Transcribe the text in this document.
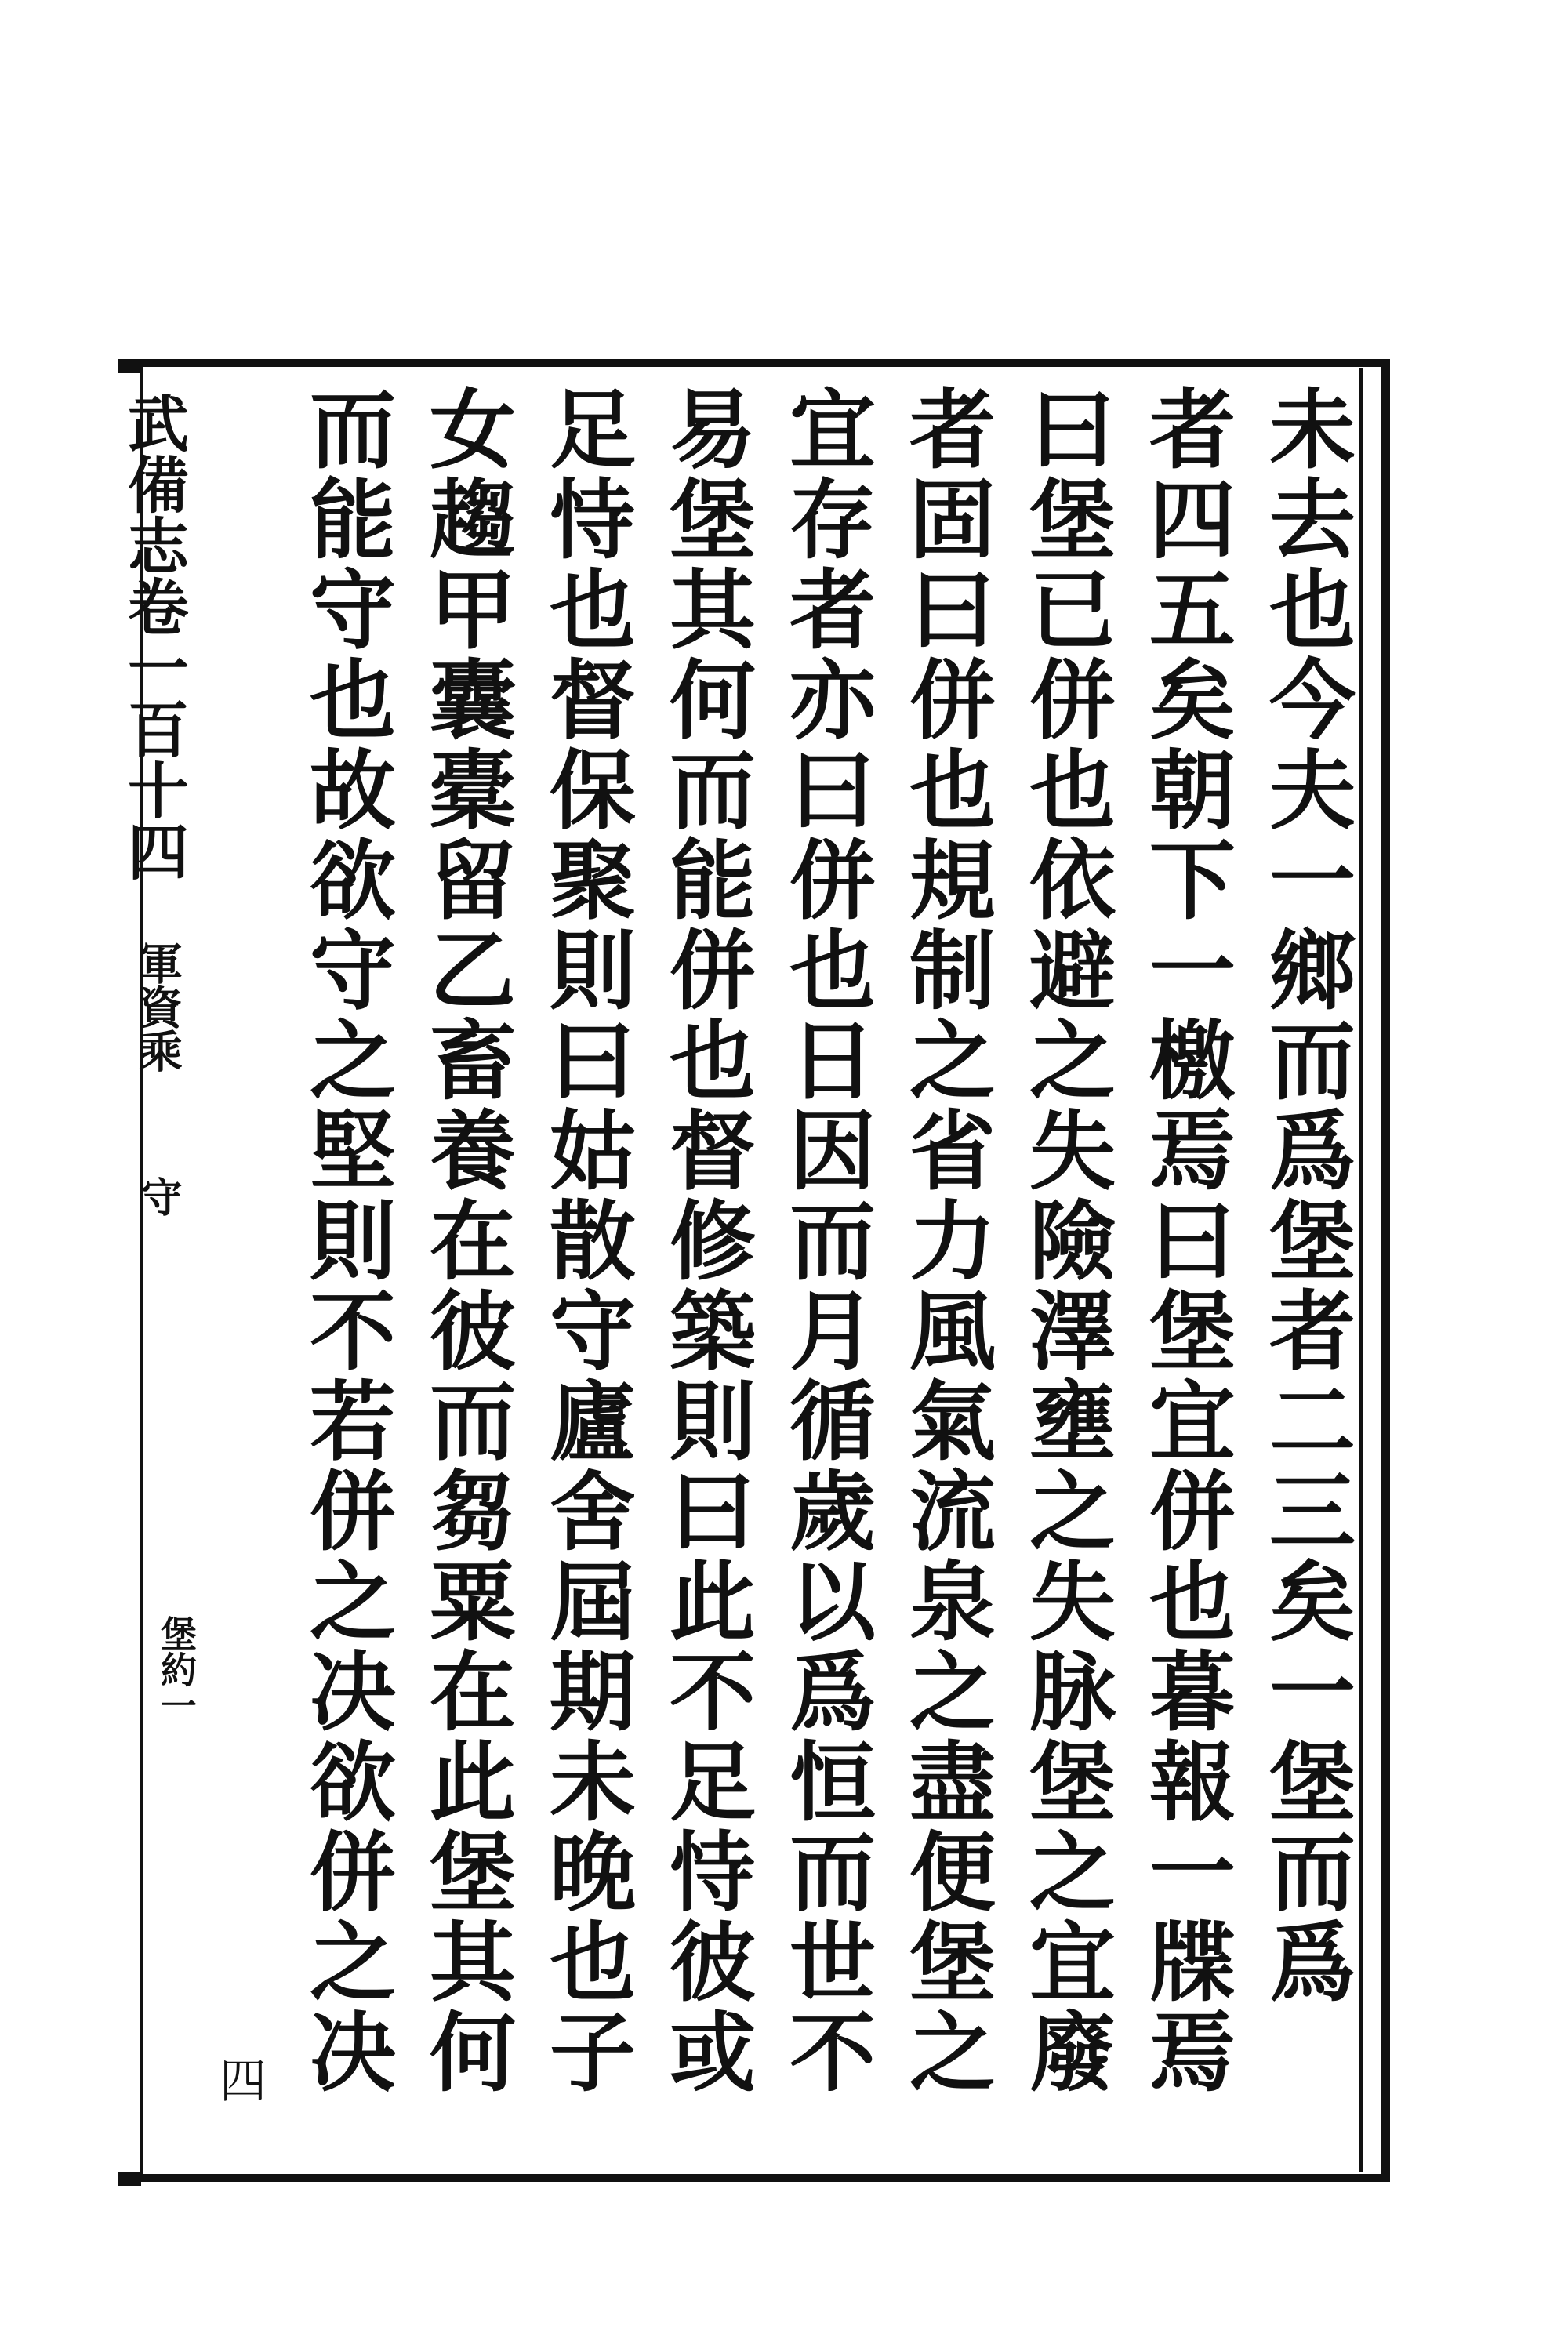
武備志卷一百十四
軍資乘
守
堡約一
四
未去也今夫一鄉而爲堡者二三矣一堡而爲
者四五矣朝下一檄焉曰堡宜併也暮報一牒焉
曰堡已併也依避之失險澤壅之失脉堡之宜廢
者固曰併也規制之省力風氣流泉之盡便堡之
宜存者亦曰併也日因而月循歲以爲恒而世不
易堡其何而能併也督修築則曰此不足恃彼或
足恃也督保聚則曰姑散守廬舍屆期未晚也子
女趨甲囊橐留乙畜養在彼而芻粟在此堡其何
而能守也故欲守之堅則不若併之决欲併之决
